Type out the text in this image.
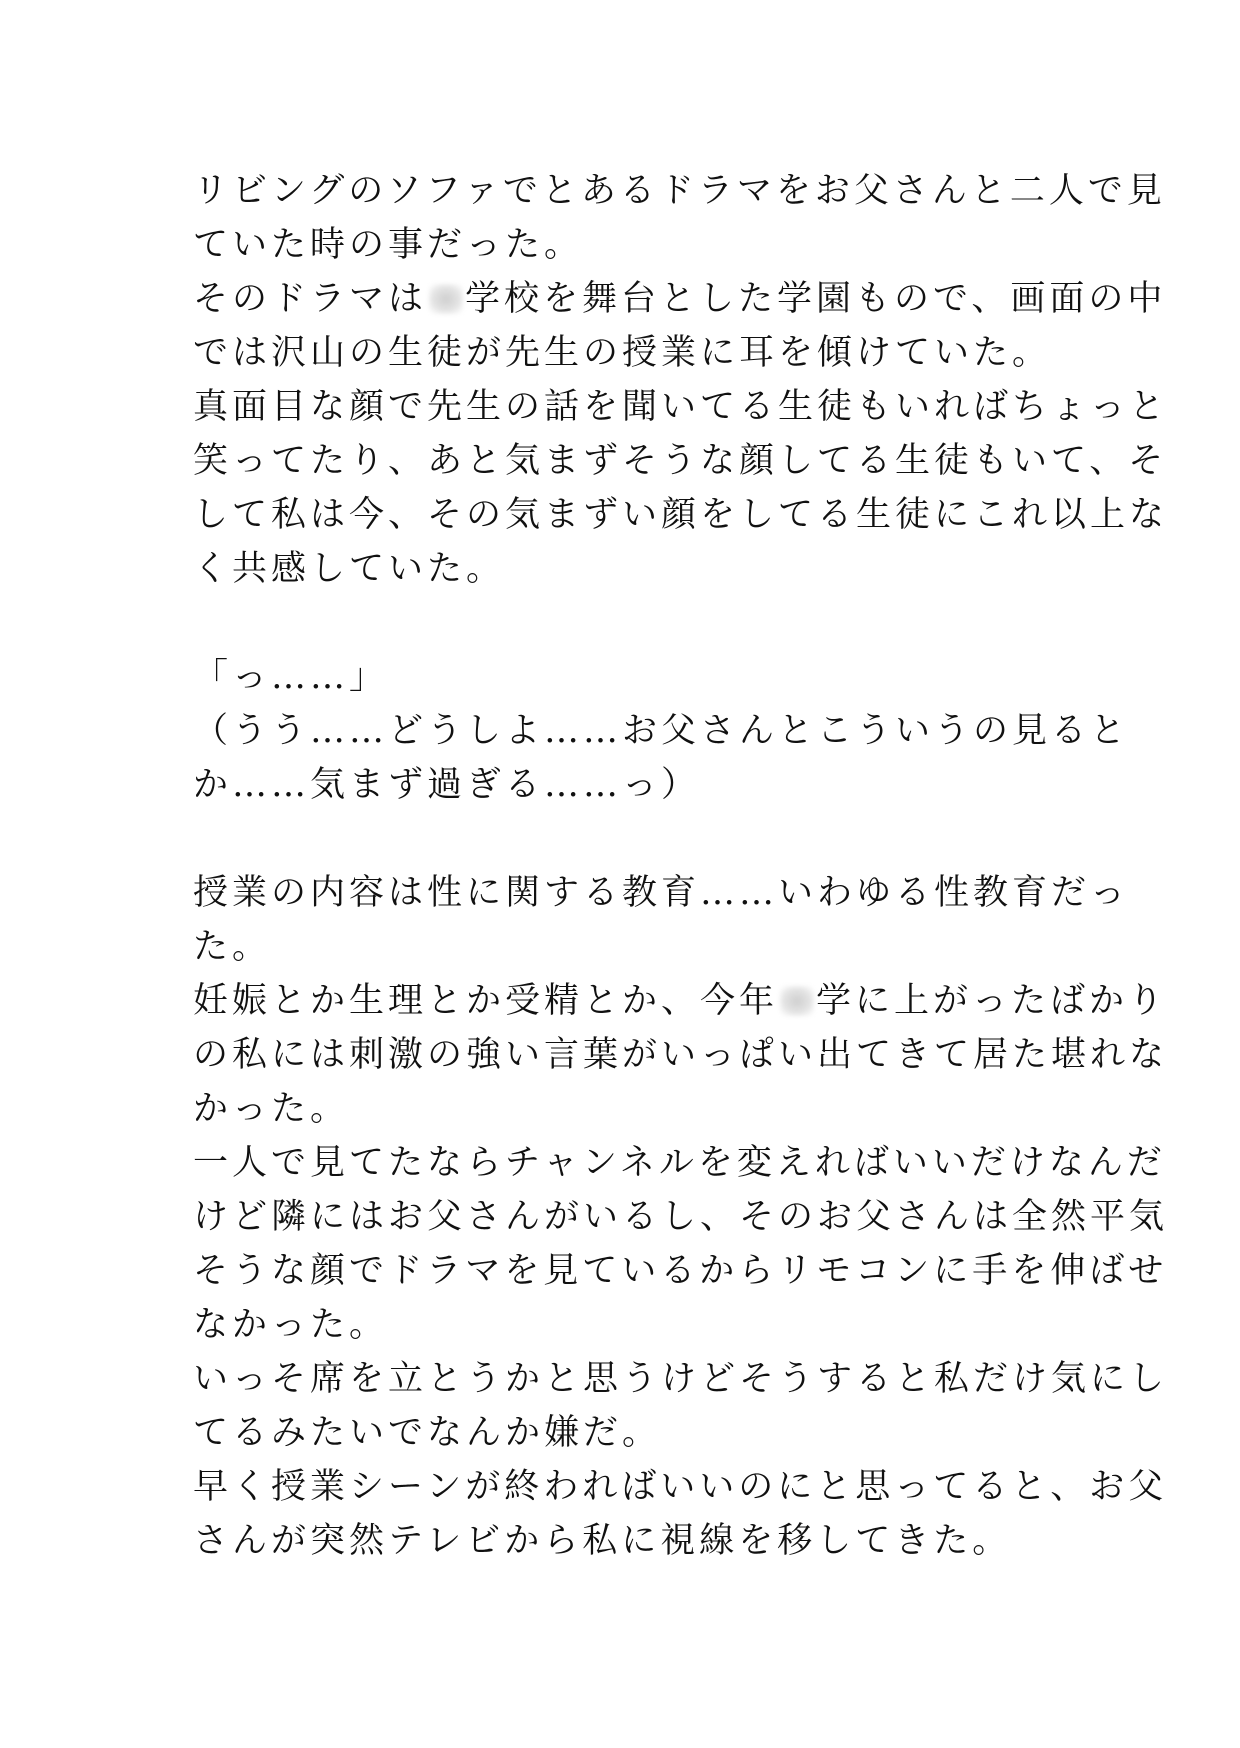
リビングのソファでとあるドラマをお父さんと二人で見
ていた時の事だった。
そのドラマは 学校を舞台とした学園もので、画面の中
では沢山の生徒が先生の授業に耳を傾けていた。
真面目な顔で先生の話を聞いてる生徒もいればちょっと
笑ってたり、あと気まずそうな顔してる生徒もいて、そ
して私は今、その気まずい顔をしてる生徒にこれ以上な
く共感していた。
「っ……」
（うう……どうしよ……お父さんとこういうの見ると
か……気まず過ぎる……っ）
授業の内容は性に関する教育……いわゆる性教育だっ
た。
妊娠とか生理とか受精とか、今年 学に上がったばかり
の私には刺激の強い言葉がいっぱい出てきて居た堪れな
かった。
一人で見てたならチャンネルを変えればいいだけなんだ
けど隣にはお父さんがいるし、そのお父さんは全然平気
そうな顔でドラマを見ているからリモコンに手を伸ばせ
なかった。
いっそ席を立とうかと思うけどそうすると私だけ気にし
てるみたいでなんか嫌だ。
早く授業シーンが終わればいいのにと思ってると、お父
さんが突然テレビから私に視線を移してきた。
